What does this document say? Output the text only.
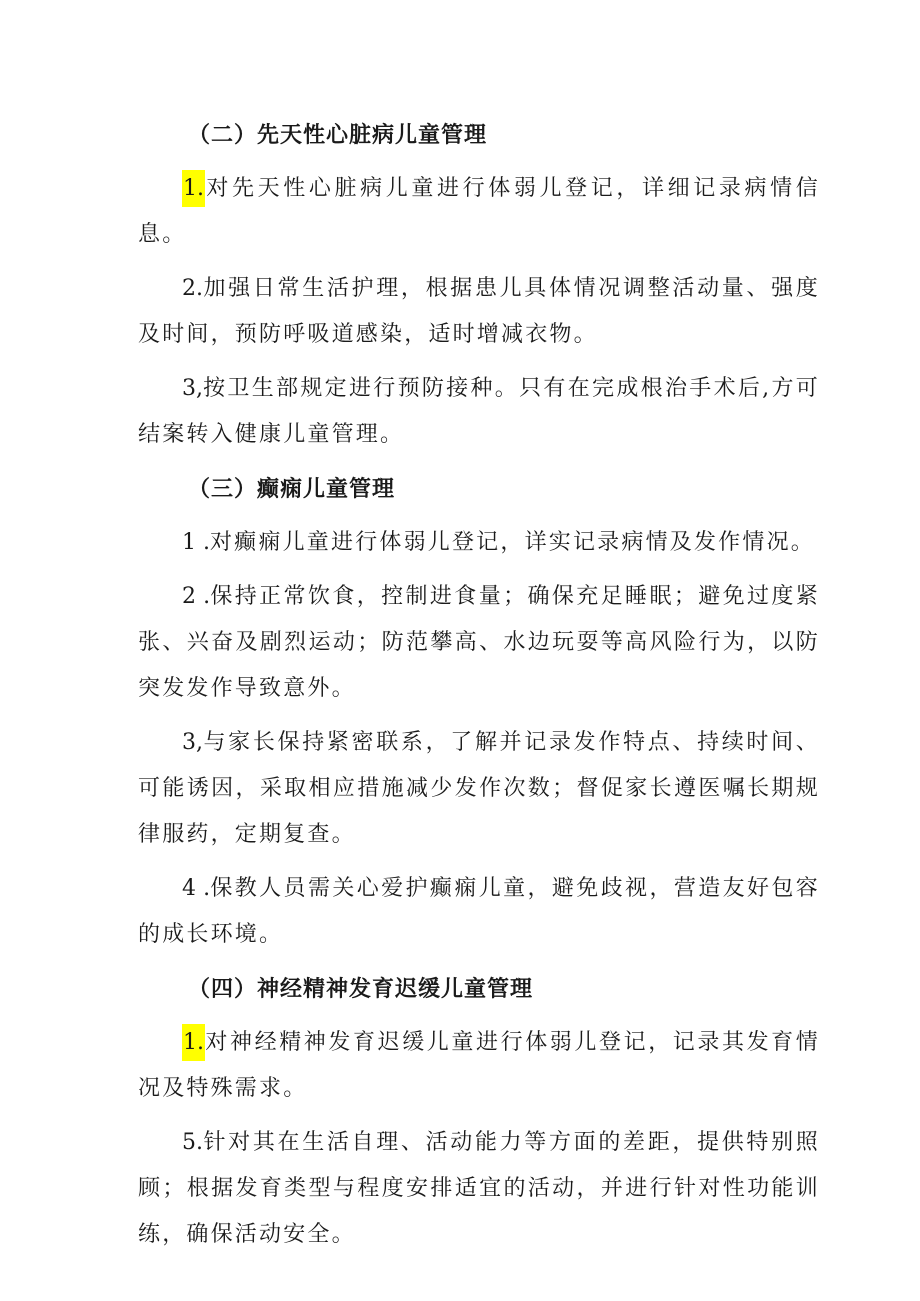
（二）先天性心脏病儿童管理

1.对先天性心脏病儿童进行体弱儿登记，详细记录病情信息。

2.加强日常生活护理，根据患儿具体情况调整活动量、强度及时间，预防呼吸道感染，适时增减衣物。

3,按卫生部规定进行预防接种。只有在完成根治手术后,方可结案转入健康儿童管理。

（三）癫痫儿童管理

1 .对癫痫儿童进行体弱儿登记，详实记录病情及发作情况。

2 .保持正常饮食，控制进食量；确保充足睡眠；避免过度紧张、兴奋及剧烈运动；防范攀高、水边玩耍等高风险行为，以防突发发作导致意外。

3,与家长保持紧密联系，了解并记录发作特点、持续时间、可能诱因，采取相应措施减少发作次数；督促家长遵医嘱长期规律服药，定期复查。

4 .保教人员需关心爱护癫痫儿童，避免歧视，营造友好包容的成长环境。

（四）神经精神发育迟缓儿童管理

1.对神经精神发育迟缓儿童进行体弱儿登记，记录其发育情况及特殊需求。

5.针对其在生活自理、活动能力等方面的差距，提供特别照顾；根据发育类型与程度安排适宜的活动，并进行针对性功能训练，确保活动安全。
